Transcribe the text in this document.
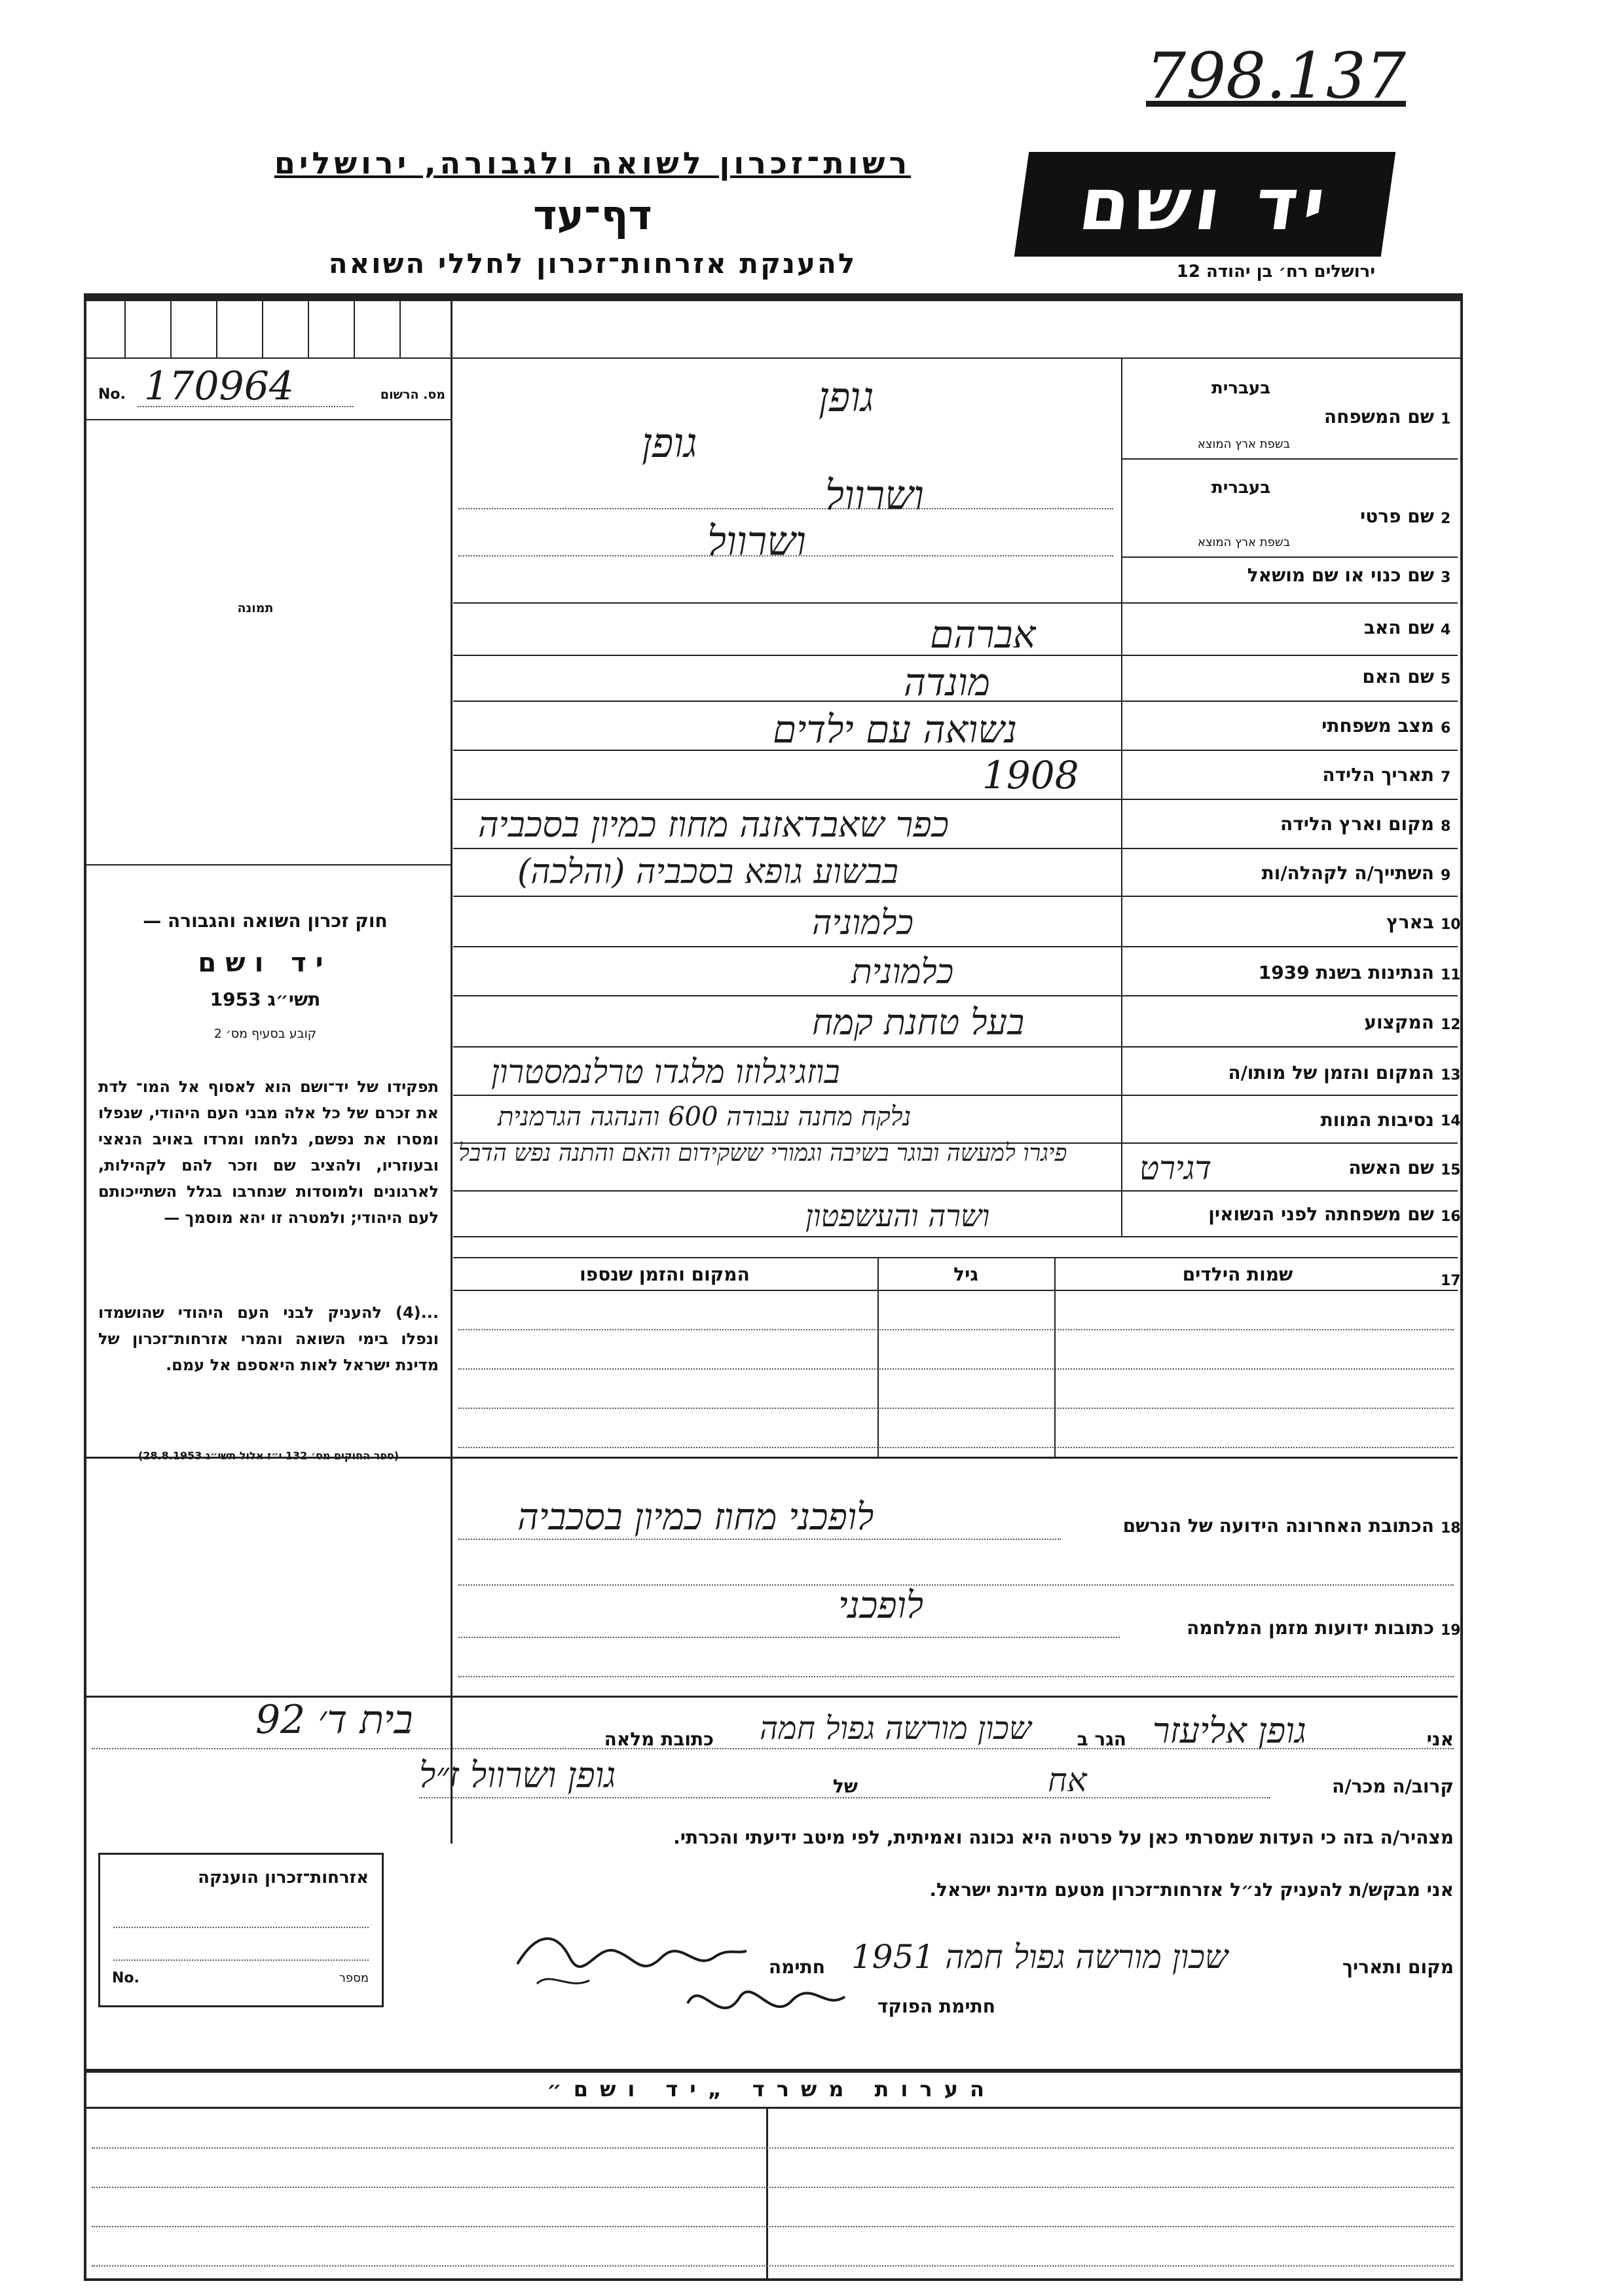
798.137
רשות־זכרון לשואה ולגבורה, ירושלים
דף־עד
להענקת אזרחות־זכרון לחללי השואה
יד ושם
ירושלים רח׳ בן יהודה 12
No. 170964	מס. הרשום
תמונה
חוק זכרון השואה והגבורה —
יד ושם
תשי״ג 1953
קובע בסעיף מס׳ 2
תפקידו של יד־ושם הוא לאסוף אל המו־ לדת את זכרם של כל אלה מבני העם היהודי, שנפלו ומסרו את נפשם, נלחמו ומרדו באויב הנאצי ובעוזריו, ולהציב שם וזכר להם לקהילות, לארגונים ולמוסדות שנחרבו בגלל השתייכותם לעם היהודי; ולמטרה זו יהא מוסמך —
...(4) להעניק לבני העם היהודי שהושמדו ונפלו בימי השואה והמרי אזרחות־זכרון של מדינת ישראל לאות היאספם אל עמם.
(ספר החוקים מס׳ 132 י״ז אלול תשי״ג 28.8.1953)
1
שם המשפחה
בעברית
בשפת ארץ המוצא
גופן
גופן
2
שם פרטי
בעברית
בשפת ארץ המוצא
ושרוול
ושרוול
3
שם כנוי או שם מושאל
4
שם האב
אברהם
5
שם האם
מונדה
6
מצב משפחתי
נשואה עם ילדים
7
תאריך הלידה
1908
8
מקום וארץ הלידה
כפר שאבדאזנה מחוז כמיון בסכביה
9
השתייך/ה לקהלה/ות
בבשוע גופא בסכביה (והלכה)
10
בארץ
כלמוניה
11
הנתינות בשנת 1939
כלמונית
12
המקצוע
בעל טחנת קמח
13
המקום והזמן של מותו/ה
בוזגיגלוזו מלגדו טרלנמסטרון
14
נסיבות המוות
נלקח מחנה עבודה 600 והנהגה הגרמנית
פיגרו למעשה ובוגר בשיבה וגמורי ששקידום והאם והתנה נפש הדבל
15
שם האשה
דגירט
16
שם משפחתה לפני הנשואין
ושרה והעשפטון
17
שמות הילדים
גיל
המקום והזמן שנספו
18
הכתובת האחרונה הידועה של הנרשם
לופכני מחוז כמיון בסכביה
19
כתובות ידועות מזמן המלחמה
לופכני
אני
גופן אליעזר
הגר ב
שכון מורשה גפול חמה
כתובת מלאה
בית ד׳ 92
קרוב/ה מכר/ה
אח
של
גופן ושרוול ז״ל
מצהיר/ה בזה כי העדות שמסרתי כאן על פרטיה היא נכונה ואמיתית, לפי מיטב ידיעתי והכרתי.
אני מבקש/ת להעניק לנ״ל אזרחות־זכרון מטעם מדינת ישראל.
מקום ותאריך
שכון מורשה גפול חמה 1951
חתימה
חתימת הפוקד
אזרחות־זכרון הוענקה
No.	מספר
הערות משרד „יד ושם״
